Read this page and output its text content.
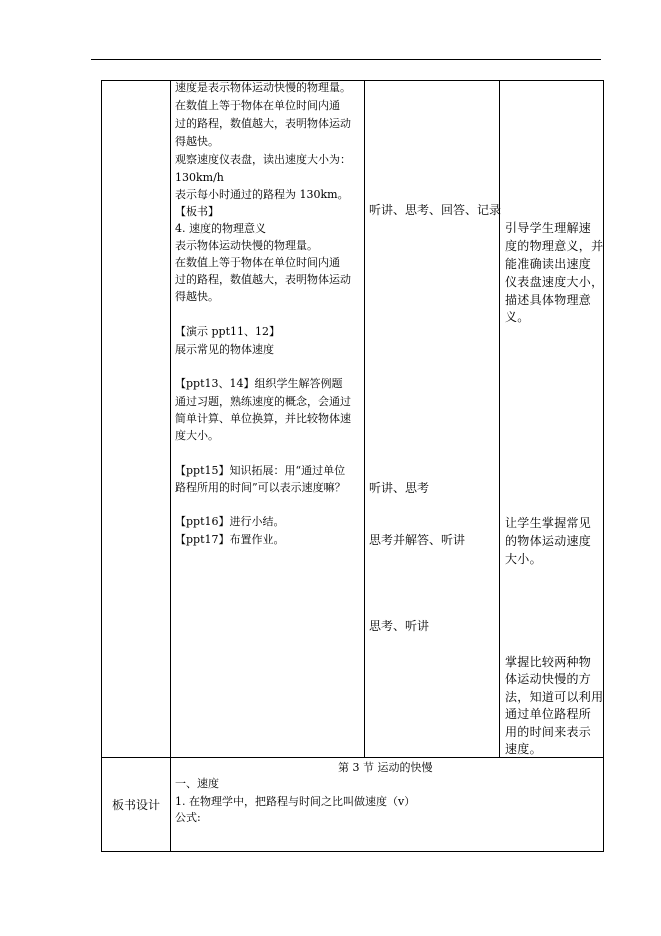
速度是表示物体运动快慢的物理量。
在数值上等于物体在单位时间内通
过的路程，数值越大，表明物体运动
得越快。
观察速度仪表盘，读出速度大小为：
130km/h
表示每小时通过的路程为 130km。
【板书】
4. 速度的物理意义
表示物体运动快慢的物理量。
在数值上等于物体在单位时间内通
过的路程，数值越大，表明物体运动
得越快。
【演示 ppt11、12】
展示常见的物体速度
【ppt13、14】组织学生解答例题
通过习题，熟练速度的概念，会通过
简单计算、单位换算，并比较物体速
度大小。
【ppt15】知识拓展：用“通过单位
路程所用的时间”可以表示速度嘛？
【ppt16】进行小结。
【ppt17】布置作业。
听讲、思考、回答、记录
听讲、思考
思考并解答、听讲
思考、听讲
引导学生理解速
度的物理意义，并
能准确读出速度
仪表盘速度大小，
描述具体物理意
义。
让学生掌握常见
的物体运动速度
大小。
掌握比较两种物
体运动快慢的方
法，知道可以利用
通过单位路程所
用的时间来表示
速度。
板书设计
第 3 节 运动的快慢
一、速度
1. 在物理学中，把路程与时间之比叫做速度（v）
公式:
